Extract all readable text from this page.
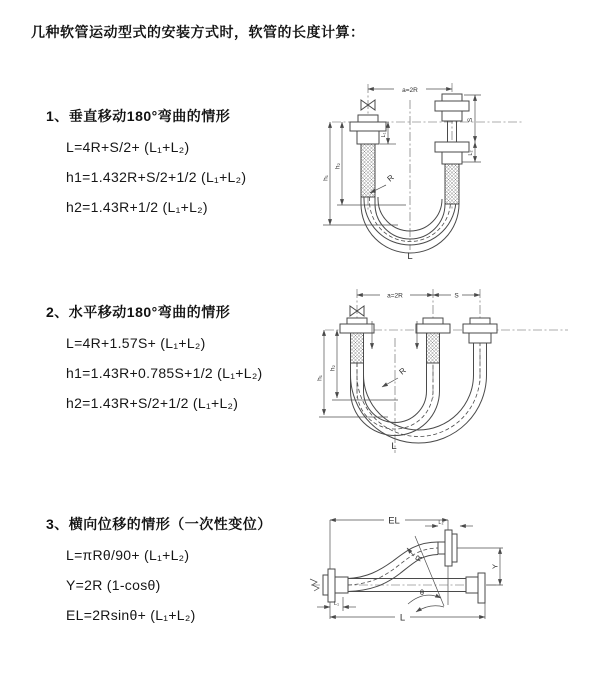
几种软管运动型式的安装方式时，软管的长度计算：
1、垂直移动180°弯曲的情形
L=4R+S/2+ (L₁+L₂)
h1=1.432R+S/2+1/2 (L₁+L₂)
h2=1.43R+1/2 (L₁+L₂)
2、水平移动180°弯曲的情形
L=4R+1.57S+ (L₁+L₂)
h1=1.43R+0.785S+1/2 (L₁+L₂)
h2=1.43R+S/2+1/2 (L₁+L₂)
3、横向位移的情形（一次性变位）
L=πRθ/90+ (L₁+L₂)
Y=2R (1-cosθ)
EL=2Rsinθ+ (L₁+L₂)
a=2R
L₁
S
L₂
h₁
h₂
R
L
a=2R	S
h₁
h₂	R
L
EL	L₂
Y
R
θ
L₁
L
